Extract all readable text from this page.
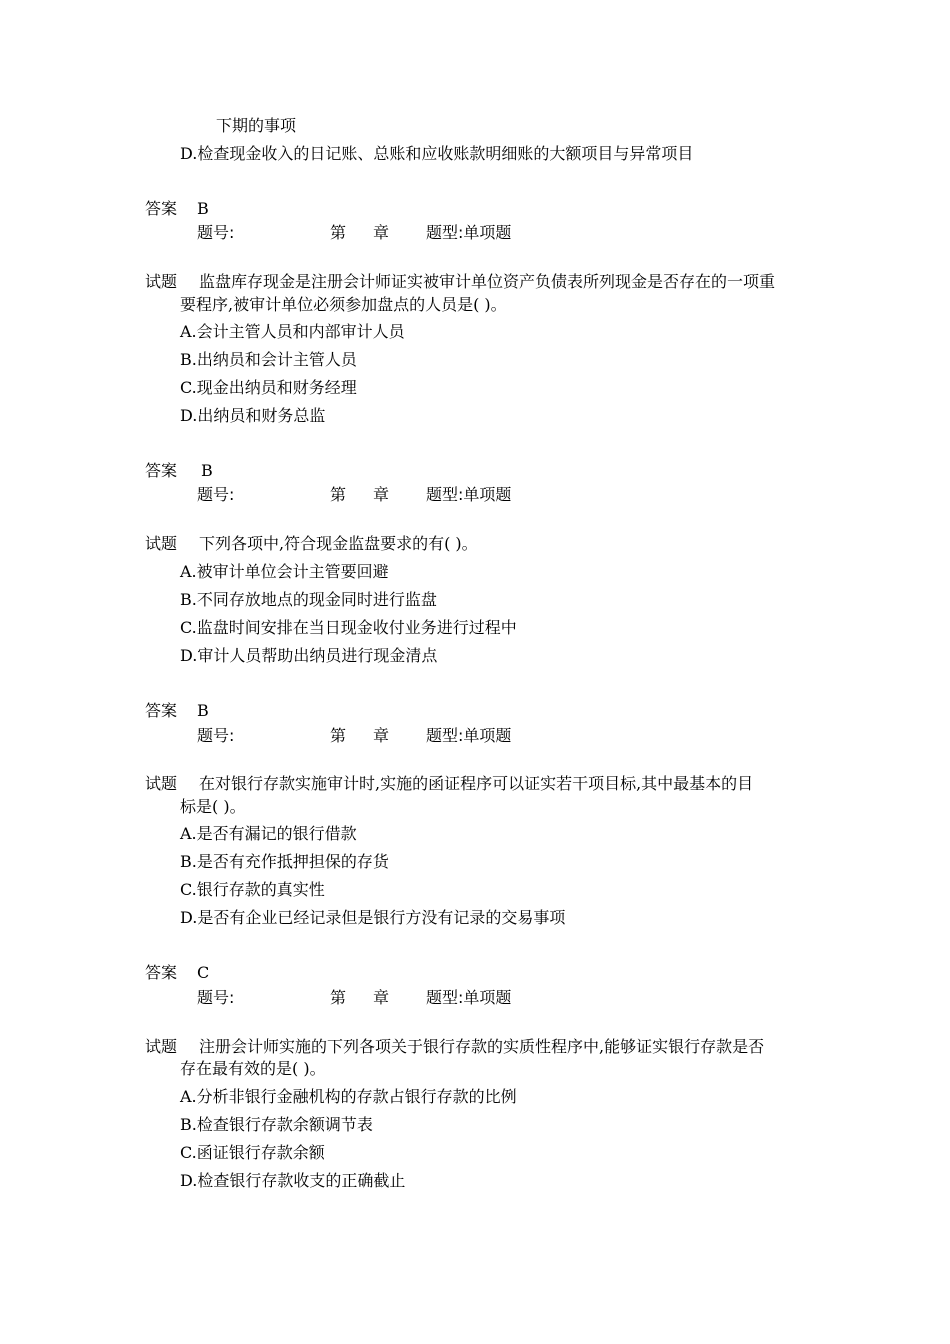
下期的事项
D.检查现金收入的日记账、总账和应收账款明细账的大额项目与异常项目
答案 B
题号:	第 章 题型:单项题
试题 监盘库存现金是注册会计师证实被审计单位资产负债表所列现金是否存在的一项重
要程序,被审计单位必须参加盘点的人员是( )。
A.会计主管人员和内部审计人员
B.出纳员和会计主管人员
C.现金出纳员和财务经理
D.出纳员和财务总监
答案 B
题号:	第 章 题型:单项题
试题 下列各项中,符合现金监盘要求的有( )。
A.被审计单位会计主管要回避
B.不同存放地点的现金同时进行监盘
C.监盘时间安排在当日现金收付业务进行过程中
D.审计人员帮助出纳员进行现金清点
答案 B
题号:	第 章 题型:单项题
试题 在对银行存款实施审计时,实施的函证程序可以证实若干项目标,其中最基本的目
标是( )。
A.是否有漏记的银行借款
B.是否有充作抵押担保的存货
C.银行存款的真实性
D.是否有企业已经记录但是银行方没有记录的交易事项
答案 C
题号:	第 章 题型:单项题
试题 注册会计师实施的下列各项关于银行存款的实质性程序中,能够证实银行存款是否
存在最有效的是( )。
A.分析非银行金融机构的存款占银行存款的比例
B.检查银行存款余额调节表
C.函证银行存款余额
D.检查银行存款收支的正确截止
